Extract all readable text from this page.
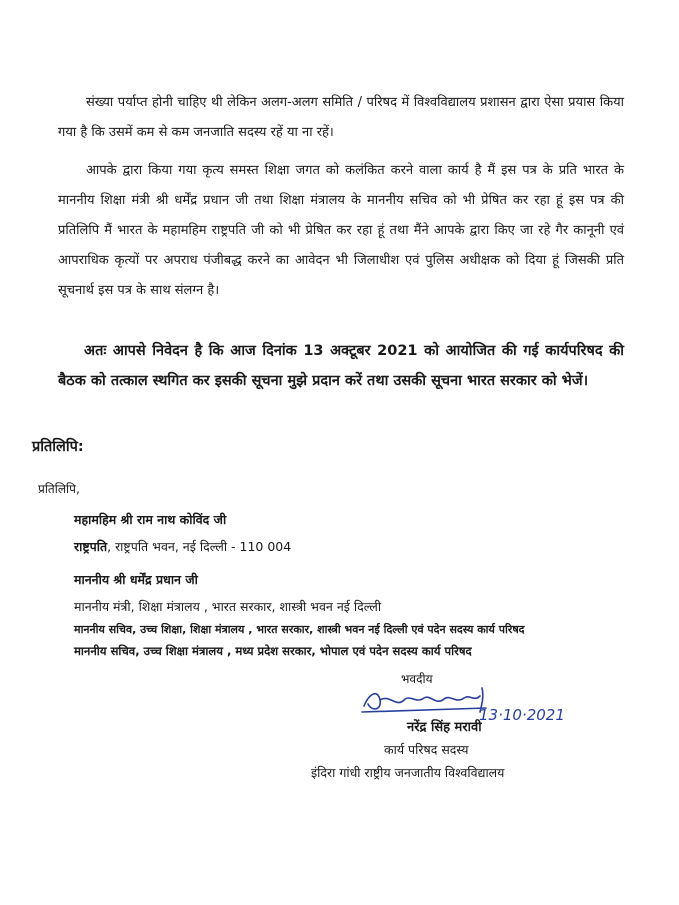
संख्या पर्याप्त होनी चाहिए थी लेकिन अलग-अलग समिति / परिषद में विश्वविद्यालय प्रशासन द्वारा ऐसा प्रयास किया गया है कि उसमें कम से कम जनजाति सदस्य रहें या ना रहें।
आपके द्वारा किया गया कृत्य समस्त शिक्षा जगत को कलंकित करने वाला कार्य है मैं इस पत्र के प्रति भारत के माननीय शिक्षा मंत्री श्री धर्मेंद्र प्रधान जी तथा शिक्षा मंत्रालय के माननीय सचिव को भी प्रेषित कर रहा हूं इस पत्र की प्रतिलिपि मैं भारत के महामहिम राष्ट्रपति जी को भी प्रेषित कर रहा हूं तथा मैंने आपके द्वारा किए जा रहे गैर कानूनी एवं आपराधिक कृत्यों पर अपराध पंजीबद्ध करने का आवेदन भी जिलाधीश एवं पुलिस अधीक्षक को दिया हूं जिसकी प्रति सूचनार्थ इस पत्र के साथ संलग्न है।
अतः आपसे निवेदन है कि आज दिनांक 13 अक्टूबर 2021 को आयोजित की गई कार्यपरिषद की बैठक को तत्काल स्थगित कर इसकी सूचना मुझे प्रदान करें तथा उसकी सूचना भारत सरकार को भेजें।
प्रतिलिपि:
प्रतिलिपि,
महामहिम श्री राम नाथ कोविंद जी
राष्ट्रपति, राष्ट्रपति भवन, नई दिल्ली - 110 004
माननीय श्री धर्मेंद्र प्रधान जी
माननीय मंत्री, शिक्षा मंत्रालय , भारत सरकार, शास्त्री भवन नई दिल्ली
माननीय सचिव, उच्च शिक्षा, शिक्षा मंत्रालय , भारत सरकार, शास्त्री भवन नई दिल्ली एवं पदेन सदस्य कार्य परिषद
माननीय सचिव, उच्च शिक्षा मंत्रालय , मध्य प्रदेश सरकार, भोपाल एवं पदेन सदस्य कार्य परिषद
भवदीय
13·10·2021
नरेंद्र सिंह मरावी
कार्य परिषद सदस्य
इंदिरा गांधी राष्ट्रीय जनजातीय विश्वविद्यालय
